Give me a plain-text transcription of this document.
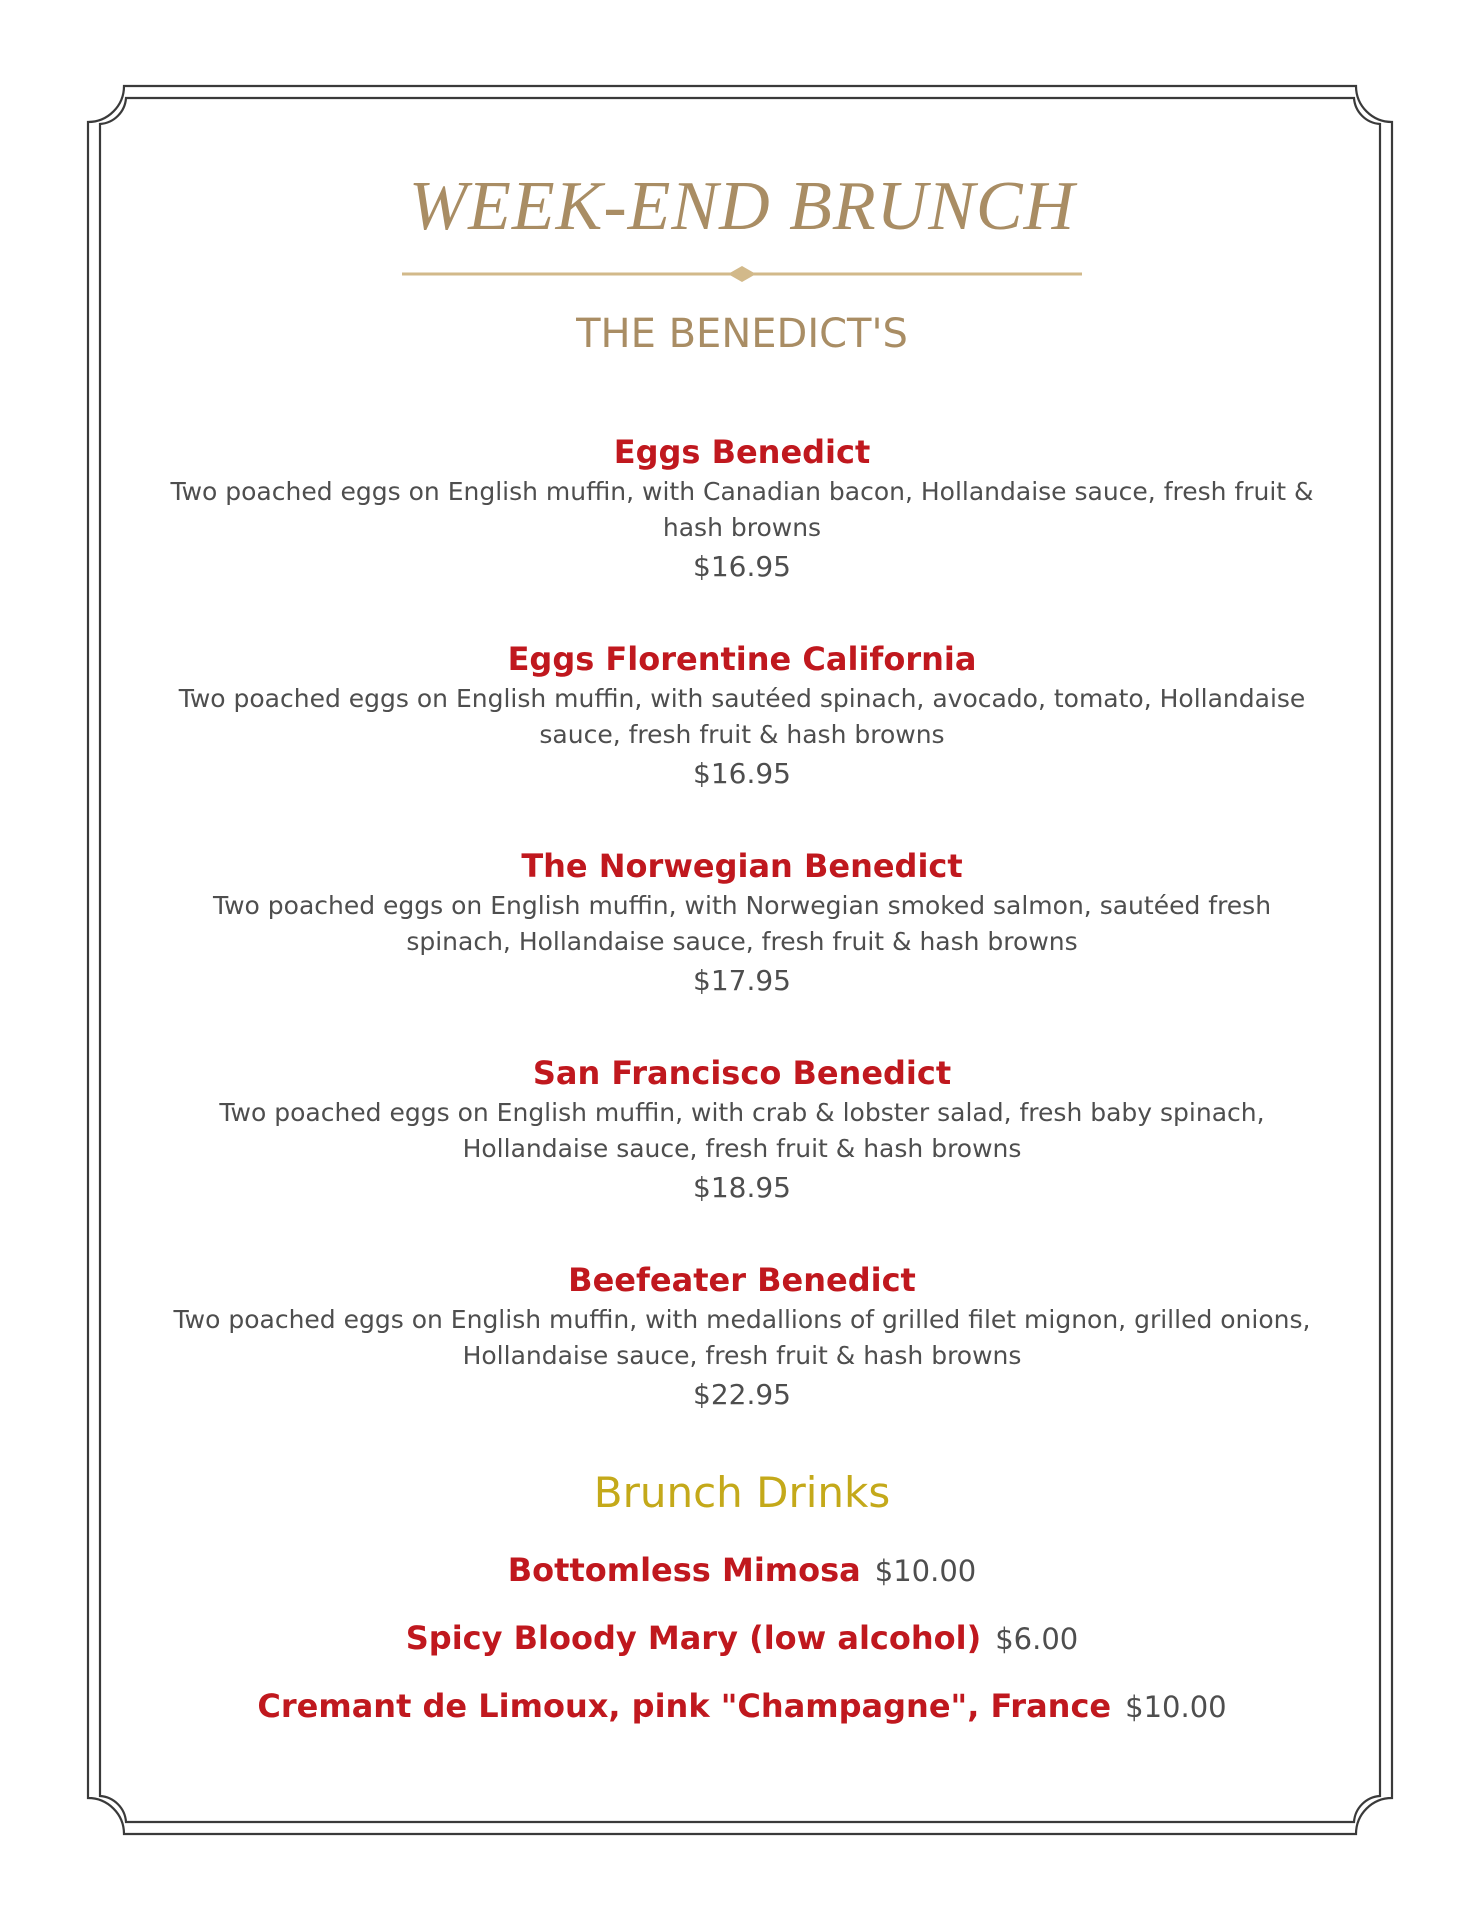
WEEK-END BRUNCH
THE BENEDICT'S
Eggs Benedict
Two poached eggs on English muffin, with Canadian bacon, Hollandaise sauce, fresh fruit & hash browns
$16.95
Eggs Florentine California
Two poached eggs on English muffin, with sautéed spinach, avocado, tomato, Hollandaise sauce, fresh fruit & hash browns
$16.95
The Norwegian Benedict
Two poached eggs on English muffin, with Norwegian smoked salmon, sautéed fresh spinach, Hollandaise sauce, fresh fruit & hash browns
$17.95
San Francisco Benedict
Two poached eggs on English muffin, with crab & lobster salad, fresh baby spinach, Hollandaise sauce, fresh fruit & hash browns
$18.95
Beefeater Benedict
Two poached eggs on English muffin, with medallions of grilled filet mignon, grilled onions, Hollandaise sauce, fresh fruit & hash browns
$22.95
Brunch Drinks
Bottomless Mimosa $10.00
Spicy Bloody Mary (low alcohol) $6.00
Cremant de Limoux, pink "Champagne", France $10.00
